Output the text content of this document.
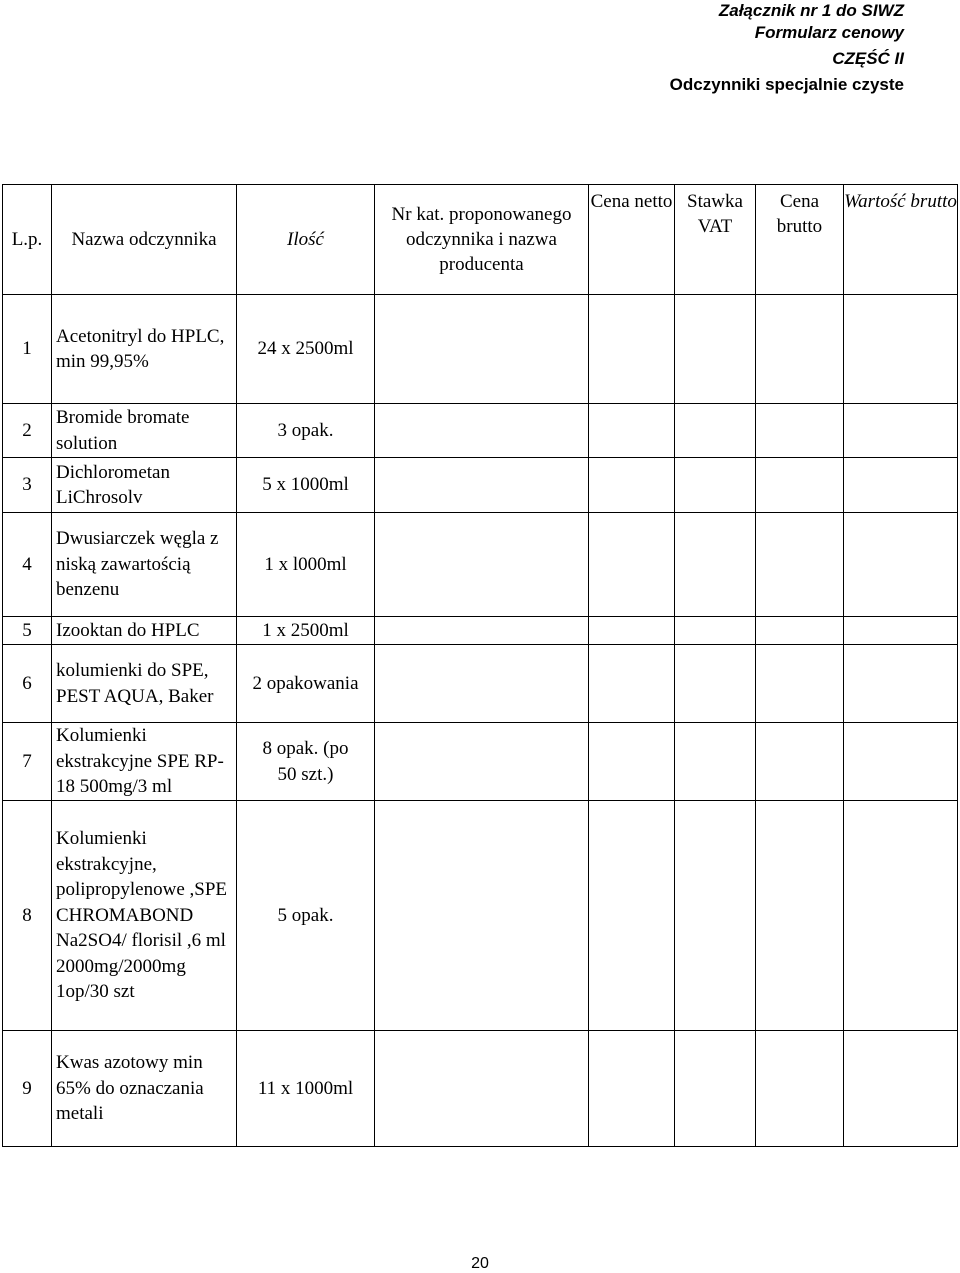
Załącznik nr 1 do SIWZ
Formularz cenowy
CZĘŚĆ II
Odczynniki specjalnie czyste
L.p.	Nazwa odczynnika	Ilość	Nr kat. proponowanego odczynnika i nazwa producenta	Cena netto	Stawka VAT	Cena brutto	Wartość brutto
1	Acetonitryl do HPLC, min 99,95%	24 x 2500ml					
2	Bromide bromate solution	3 opak.					
3	Dichlorometan LiChrosolv	5 x 1000ml					
4	Dwusiarczek węgla z niską zawartością benzenu	1 x l000ml					
5	Izooktan do HPLC	1 x 2500ml					
6	kolumienki do SPE, PEST AQUA, Baker	2 opakowania					
7	Kolumienki ekstrakcyjne SPE RP-18 500mg/3 ml	8 opak. (po 50 szt.)					
8	Kolumienki ekstrakcyjne, polipropylenowe ,SPE CHROMABOND Na2SO4/ florisil ,6 ml 2000mg/2000mg 1op/30 szt	5 opak.					
9	Kwas azotowy min 65% do oznaczania metali	11 x 1000ml					
20
